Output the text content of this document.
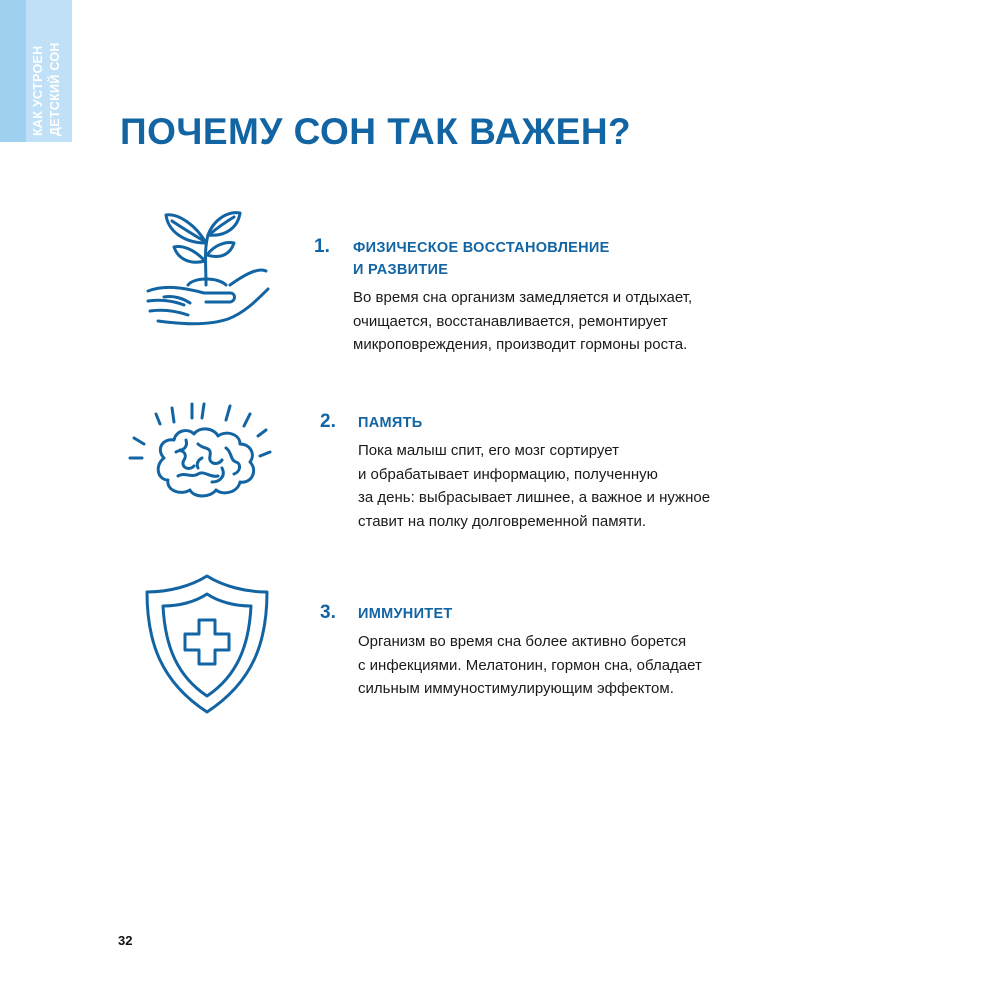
КАК УСТРОЕН ДЕТСКИЙ СОН ПОЧЕМУ СОН ТАК ВАЖЕН?
1. ФИЗИЧЕСКОЕ ВОССТАНОВЛЕНИЕ
И РАЗВИТИЕ
Во время сна организм замедляется и отдыхает,
очищается, восстанавливается, ремонтирует
микроповреждения, производит гормоны роста.
2. ПАМЯТЬ
Пока малыш спит, его мозг сортирует
и обрабатывает информацию, полученную
за день: выбрасывает лишнее, а важное и нужное
ставит на полку долговременной памяти.
3. ИММУНИТЕТ
Организм во время сна более активно борется
с инфекциями. Мелатонин, гормон сна, обладает
сильным иммуностимулирующим эффектом.
32
